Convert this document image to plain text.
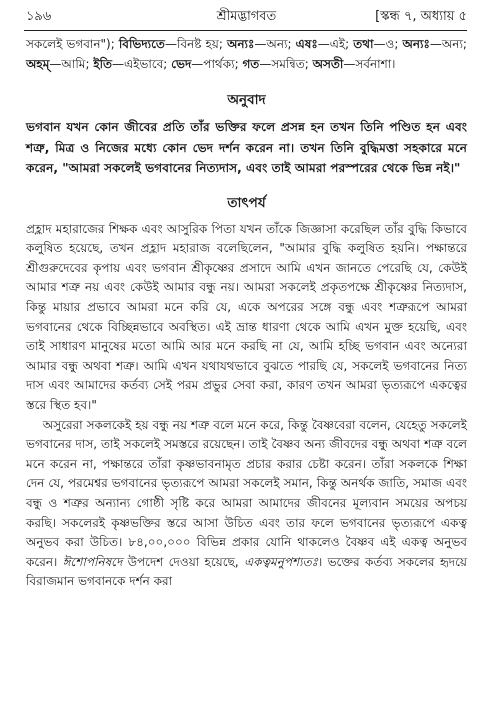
১৯৬	শ্রীমদ্ভাগবত	[স্কন্ধ ৭, অধ্যায় ৫

সকলেই ভগবান"); বিভিদ্যতে—বিনষ্ট হয়; অন্যঃ—অন্য; এষঃ—এই; তথা—ও; অন্যঃ—অন্য; অহম্—আমি; ইতি—এইভাবে; ভেদ—পার্থক্য; গত—সমন্বিত; অসতী—সর্বনাশা।

অনুবাদ

ভগবান যখন কোন জীবের প্রতি তাঁর ভক্তির ফলে প্রসন্ন হন তখন তিনি পণ্ডিত হন এবং শত্রু, মিত্র ও নিজের মধ্যে কোন ভেদ দর্শন করেন না। তখন তিনি বুদ্ধিমত্তা সহকারে মনে করেন, "আমরা সকলেই ভগবানের নিত্যদাস, এবং তাই আমরা পরস্পরের থেকে ভিন্ন নই।"

তাৎপর্য

প্রহ্লাদ মহারাজের শিক্ষক এবং আসুরিক পিতা যখন তাঁকে জিজ্ঞাসা করেছিল তাঁর বুদ্ধি কিভাবে কলুষিত হয়েছে, তখন প্রহ্লাদ মহারাজ বলেছিলেন, "আমার বুদ্ধি কলুষিত হয়নি। পক্ষান্তরে শ্রীগুরুদেবের কৃপায় এবং ভগবান শ্রীকৃষ্ণের প্রসাদে আমি এখন জানতে পেরেছি যে, কেউই আমার শত্রু নয় এবং কেউই আমার বন্ধু নয়। আমরা সকলেই প্রকৃতপক্ষে শ্রীকৃষ্ণের নিত্যদাস, কিন্তু মায়ার প্রভাবে আমরা মনে করি যে, একে অপরের সঙ্গে বন্ধু এবং শত্রুরূপে আমরা ভগবানের থেকে বিচ্ছিন্নভাবে অবস্থিত। এই ভ্রান্ত ধারণা থেকে আমি এখন মুক্ত হয়েছি, এবং তাই সাধারণ মানুষের মতো আমি আর মনে করছি না যে, আমি হচ্ছি ভগবান এবং অন্যেরা আমার বন্ধু অথবা শত্রু। আমি এখন যথাযথভাবে বুঝতে পারছি যে, সকলেই ভগবানের নিত্য দাস এবং আমাদের কর্তব্য সেই পরম প্রভুর সেবা করা, কারণ তখন আমরা ভৃত্যরূপে একত্বের স্তরে স্থিত হব।"

অসুরেরা সকলকেই হয় বন্ধু নয় শত্রু বলে মনে করে, কিন্তু বৈষ্ণবেরা বলেন, যেহেতু সকলেই ভগবানের দাস, তাই সকলেই সমস্তরে রয়েছেন। তাই বৈষ্ণব অন্য জীবদের বন্ধু অথবা শত্রু বলে মনে করেন না, পক্ষান্তরে তাঁরা কৃষ্ণভাবনামৃত প্রচার করার চেষ্টা করেন। তাঁরা সকলকে শিক্ষা দেন যে, পরমেশ্বর ভগবানের ভৃত্যরূপে আমরা সকলেই সমান, কিন্তু অনর্থক জাতি, সমাজ এবং বন্ধু ও শত্রুর অন্যান্য গোষ্ঠী সৃষ্টি করে আমরা আমাদের জীবনের মূল্যবান সময়ের অপচয় করছি। সকলেরই কৃষ্ণভক্তির স্তরে আসা উচিত এবং তার ফলে ভগবানের ভৃত্যরূপে একত্ব অনুভব করা উচিত। ৮৪,০০,০০০ বিভিন্ন প্রকার যোনি থাকলেও বৈষ্ণব এই একত্ব অনুভব করেন। ঈশোপনিষদে উপদেশ দেওয়া হয়েছে, একত্বমনুপশ্যতঃ। ভক্তের কর্তব্য সকলের হৃদয়ে বিরাজমান ভগবানকে দর্শন করা
